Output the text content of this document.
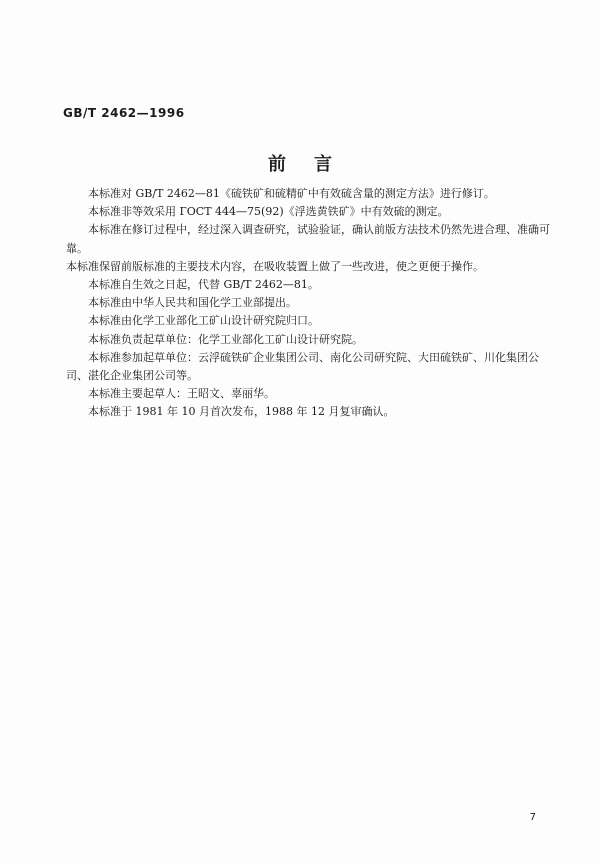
GB/T 2462—1996
前言

本标准对 GB/T 2462—81《硫铁矿和硫精矿中有效硫含量的测定方法》进行修订。

本标准非等效采用 ГОСТ 444—75(92)《浮选黄铁矿》中有效硫的测定。

本标准在修订过程中，经过深入调查研究，试验验证，确认前版方法技术仍然先进合理、准确可靠。

本标准保留前版标准的主要技术内容，在吸收装置上做了一些改进，使之更便于操作。

本标准自生效之日起，代替 GB/T 2462—81。

本标准由中华人民共和国化学工业部提出。

本标准由化学工业部化工矿山设计研究院归口。

本标准负责起草单位：化学工业部化工矿山设计研究院。

本标准参加起草单位：云浮硫铁矿企业集团公司、南化公司研究院、大田硫铁矿、川化集团公司、湛化企业集团公司等。

本标准主要起草人：王昭文、辜丽华。

本标准于 1981 年 10 月首次发布，1988 年 12 月复审确认。

7
